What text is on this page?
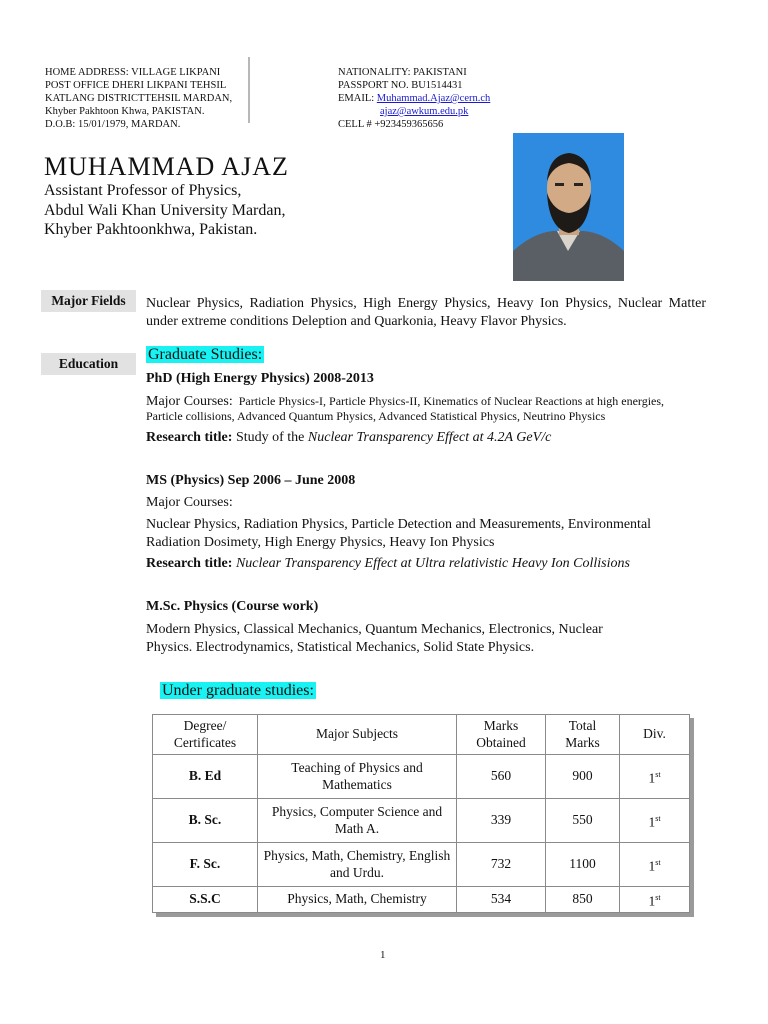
HOME ADDRESS: VILLAGE LIKPANI
POST OFFICE DHERI LIKPANI TEHSIL
KATLANG DISTRICTTEHSIL MARDAN,
Khyber Pakhtoon Khwa, PAKISTAN.
D.O.B: 15/01/1979, MARDAN.
NATIONALITY: PAKISTANI
PASSPORT NO. BU1514431
EMAIL: Muhammad.Ajaz@cern.ch
ajaz@awkum.edu.pk
CELL # +923459365656
MUHAMMAD AJAZ
Assistant Professor of Physics,
Abdul Wali Khan University Mardan,
Khyber Pakhtoonkhwa, Pakistan.
Major Fields	Nuclear Physics, Radiation Physics, High Energy Physics, Heavy Ion Physics, Nuclear Matter under extreme conditions Deleption and Quarkonia, Heavy Flavor Physics.
Education
Graduate Studies:
PhD (High Energy Physics) 2008-2013
Major Courses: Particle Physics-I, Particle Physics-II, Kinematics of Nuclear Reactions at high energies, Particle collisions, Advanced Quantum Physics, Advanced Statistical Physics, Neutrino Physics
Research title: Study of the Nuclear Transparency Effect at 4.2A GeV/c
MS (Physics) Sep 2006 – June 2008
Major Courses:
Nuclear Physics, Radiation Physics, Particle Detection and Measurements, Environmental Radiation Dosimety, High Energy Physics, Heavy Ion Physics
Research title: Nuclear Transparency Effect at Ultra relativistic Heavy Ion Collisions
M.Sc. Physics (Course work)
Modern Physics, Classical Mechanics, Quantum Mechanics, Electronics, Nuclear
Physics. Electrodynamics, Statistical Mechanics, Solid State Physics.
Under graduate studies:
Degree/ Certificates	Major Subjects	Marks Obtained	Total Marks	Div.
B. Ed	Teaching of Physics and Mathematics	560	900	1st
B. Sc.	Physics, Computer Science and Math A.	339	550	1st
F. Sc.	Physics, Math, Chemistry, English and Urdu.	732	1100	1st
S.S.C	Physics, Math, Chemistry	534	850	1st
1
